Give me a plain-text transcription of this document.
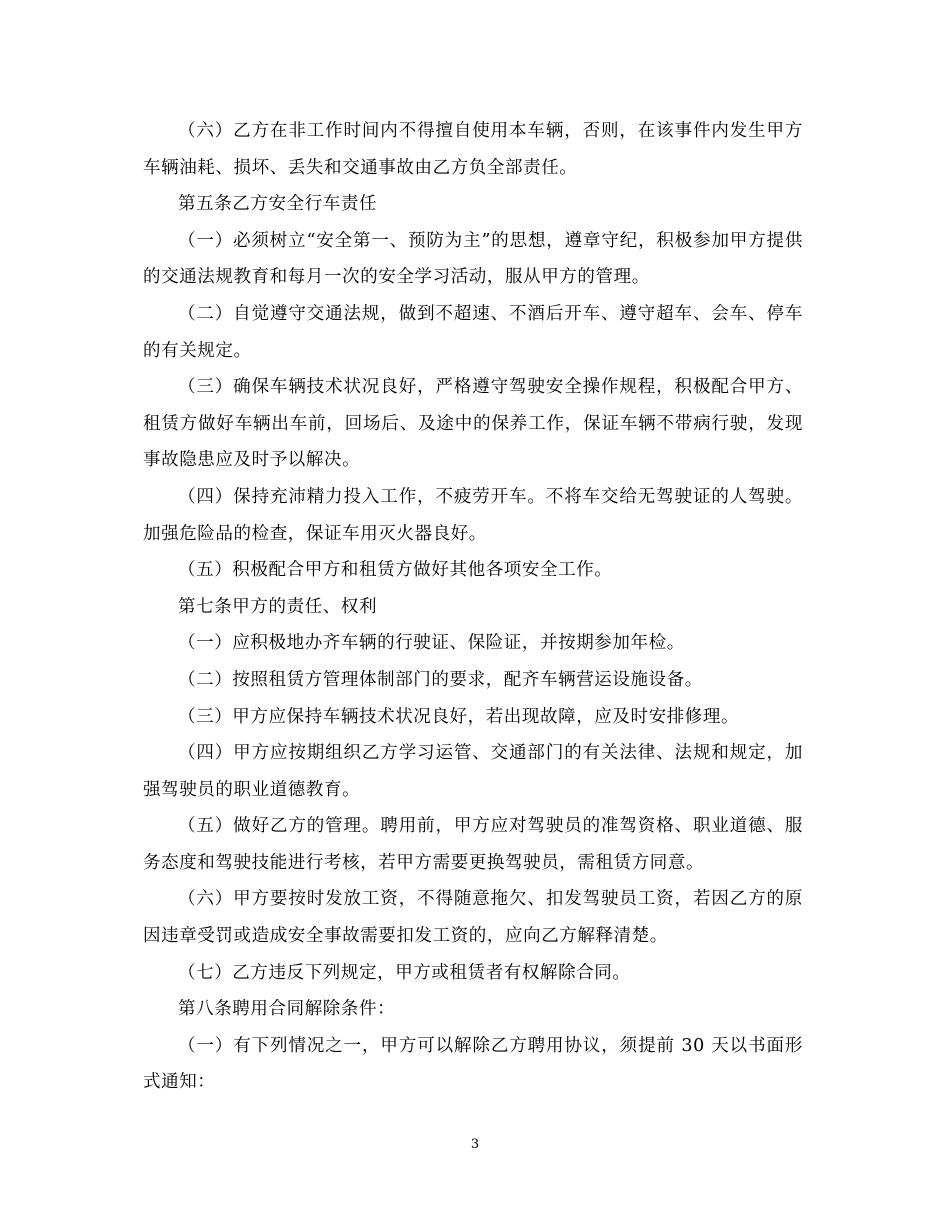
（六）乙方在非工作时间内不得擅自使用本车辆，否则，在该事件内发生甲方车辆油耗、损坏、丢失和交通事故由乙方负全部责任。

第五条乙方安全行车责任

（一）必须树立“安全第一、预防为主”的思想，遵章守纪，积极参加甲方提供的交通法规教育和每月一次的安全学习活动，服从甲方的管理。

（二）自觉遵守交通法规，做到不超速、不酒后开车、遵守超车、会车、停车的有关规定。

（三）确保车辆技术状况良好，严格遵守驾驶安全操作规程，积极配合甲方、租赁方做好车辆出车前，回场后、及途中的保养工作，保证车辆不带病行驶，发现事故隐患应及时予以解决。

（四）保持充沛精力投入工作，不疲劳开车。不将车交给无驾驶证的人驾驶。加强危险品的检查，保证车用灭火器良好。

（五）积极配合甲方和租赁方做好其他各项安全工作。

第七条甲方的责任、权利

（一）应积极地办齐车辆的行驶证、保险证，并按期参加年检。

（二）按照租赁方管理体制部门的要求，配齐车辆营运设施设备。

（三）甲方应保持车辆技术状况良好，若出现故障，应及时安排修理。

（四）甲方应按期组织乙方学习运管、交通部门的有关法律、法规和规定，加强驾驶员的职业道德教育。

（五）做好乙方的管理。聘用前，甲方应对驾驶员的准驾资格、职业道德、服务态度和驾驶技能进行考核，若甲方需要更换驾驶员，需租赁方同意。

（六）甲方要按时发放工资，不得随意拖欠、扣发驾驶员工资，若因乙方的原因违章受罚或造成安全事故需要扣发工资的，应向乙方解释清楚。

（七）乙方违反下列规定，甲方或租赁者有权解除合同。

第八条聘用合同解除条件：

（一）有下列情况之一，甲方可以解除乙方聘用协议，须提前 30 天以书面形式通知：

3
